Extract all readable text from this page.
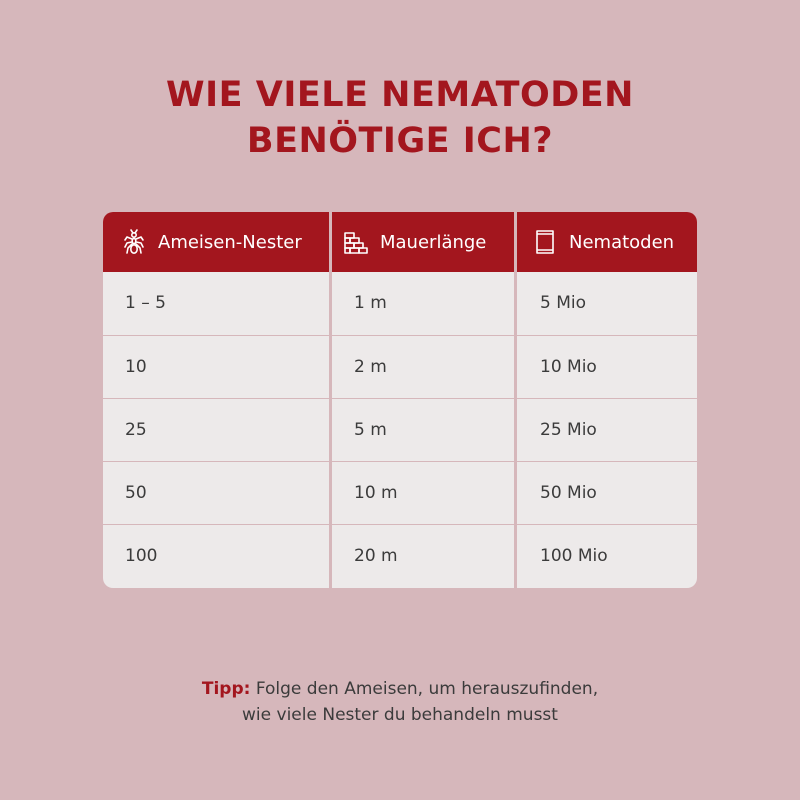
WIE VIELE NEMATODEN
BENÖTIGE ICH?
Ameisen-Nester	Mauerlänge	Nematoden
1 – 5	1 m	5 Mio
10	2 m	10 Mio
25	5 m	25 Mio
50	10 m	50 Mio
100	20 m	100 Mio
Tipp: Folge den Ameisen, um herauszufinden,
wie viele Nester du behandeln musst
